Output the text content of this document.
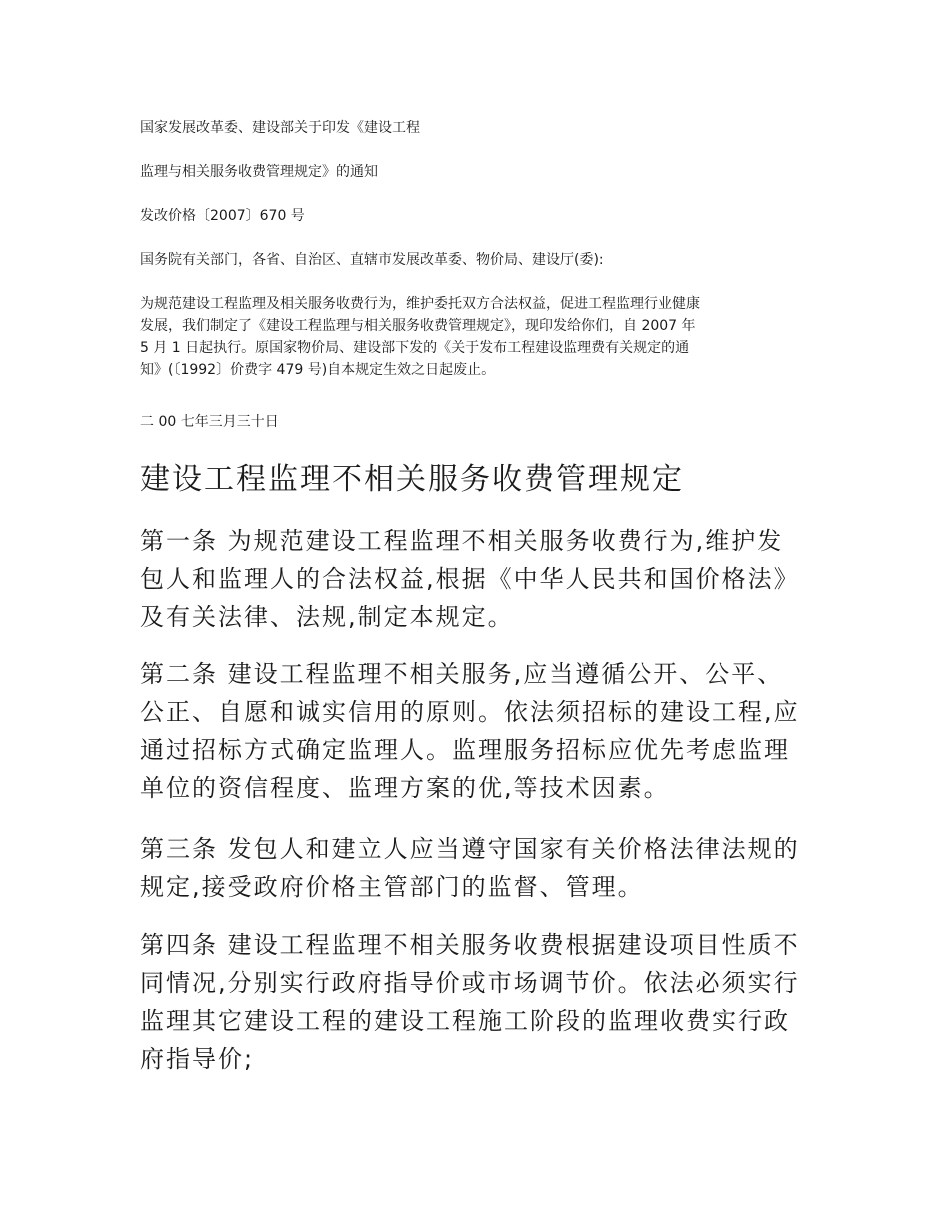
国家发展改革委、建设部关于印发《建设工程

监理与相关服务收费管理规定》的通知

发改价格〔2007〕670 号

国务院有关部门，各省、自治区、直辖市发展改革委、物价局、建设厅(委):

为规范建设工程监理及相关服务收费行为，维护委托双方合法权益，促进工程监理行业健康
发展，我们制定了《建设工程监理与相关服务收费管理规定》，现印发给你们，自 2007 年
5 月 1 日起执行。原国家物价局、建设部下发的《关于发布工程建设监理费有关规定的通
知》(〔1992〕价费字 479 号)自本规定生效之日起废止。

二 00 七年三月三十日

建设工程监理不相关服务收费管理规定

第一条 为规范建设工程监理不相关服务收费行为,维护发
包人和监理人的合法权益,根据《中华人民共和国价格法》
及有关法律、法规,制定本规定。

第二条 建设工程监理不相关服务,应当遵循公开、公平、
公正、自愿和诚实信用的原则。依法须招标的建设工程,应
通过招标方式确定监理人。监理服务招标应优先考虑监理
单位的资信程度、监理方案的优,等技术因素。

第三条 发包人和建立人应当遵守国家有关价格法律法规的
规定,接受政府价格主管部门的监督、管理。

第四条 建设工程监理不相关服务收费根据建设项目性质不
同情况,分别实行政府指导价或市场调节价。依法必须实行
监理其它建设工程的建设工程施工阶段的监理收费实行政
府指导价;
